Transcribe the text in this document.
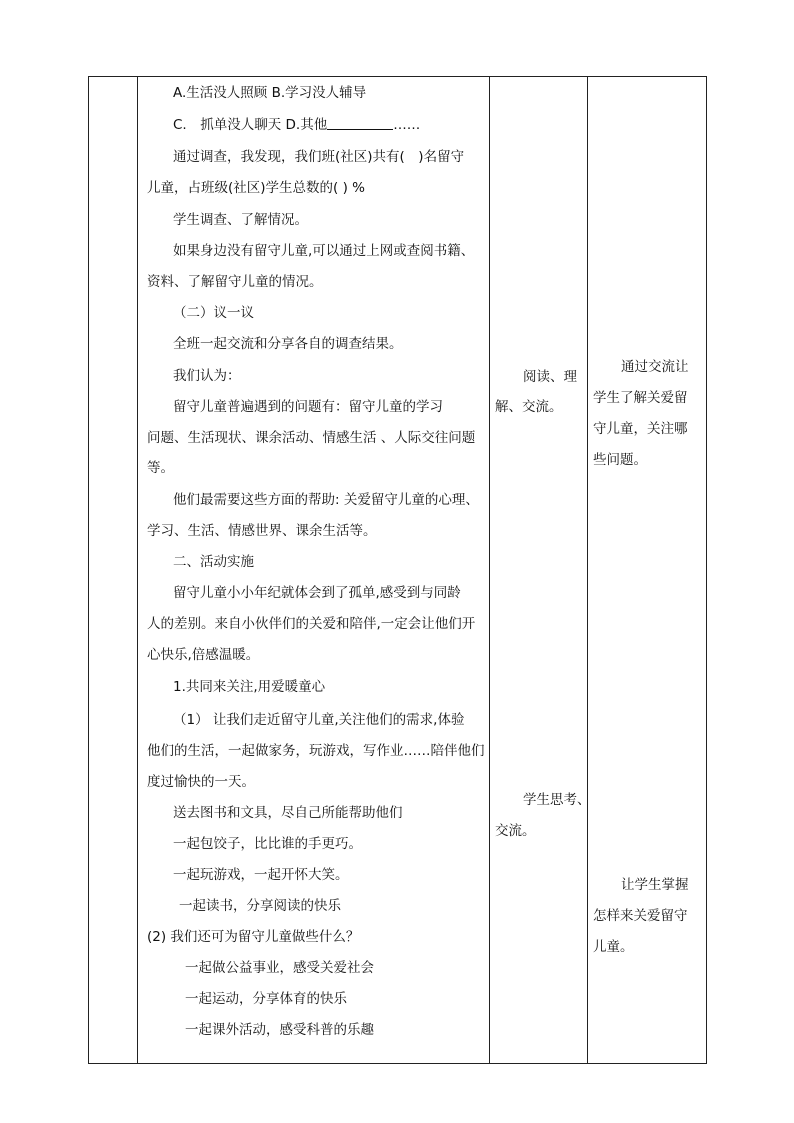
A.生活没人照顾 B.学习没人辅导
C.　抓单没人聊天 D.其他	……
通过调查，我发现，我们班(社区)共有(　)名留守
儿童，占班级(社区)学生总数的( ) %
学生调查、了解情况。
如果身边没有留守儿童,可以通过上网或查阅书籍、
资料、了解留守儿童的情况。
（二）议一议
全班一起交流和分享各自的调查结果。
我们认为：
留守儿童普遍遇到的问题有：留守儿童的学习
问题、生活现状、课余活动、情感生活 、人际交往问题
等。
他们最需要这些方面的帮助: 关爱留守儿童的心理、
学习、生活、情感世界、课余生活等。
二、活动实施
留守儿童小小年纪就体会到了孤单,感受到与同龄
人的差别。来自小伙伴们的关爱和陪伴,一定会让他们开
心快乐,倍感温暖。
1.共同来关注,用爱暖童心
（1） 让我们走近留守儿童,关注他们的需求,体验
他们的生活，一起做家务，玩游戏，写作业……陪伴他们
度过愉快的一天。
送去图书和文具，尽自己所能帮助他们
一起包饺子，比比谁的手更巧。
一起玩游戏，一起开怀大笑。
一起读书，分享阅读的快乐
(2) 我们还可为留守儿童做些什么？
一起做公益事业，感受关爱社会
一起运动，分享体育的快乐
一起课外活动，感受科普的乐趣
阅读、理
解、交流。
学生思考、
交流。
通过交流让
学生了解关爱留
守儿童，关注哪
些问题。
让学生掌握
怎样来关爱留守
儿童。
